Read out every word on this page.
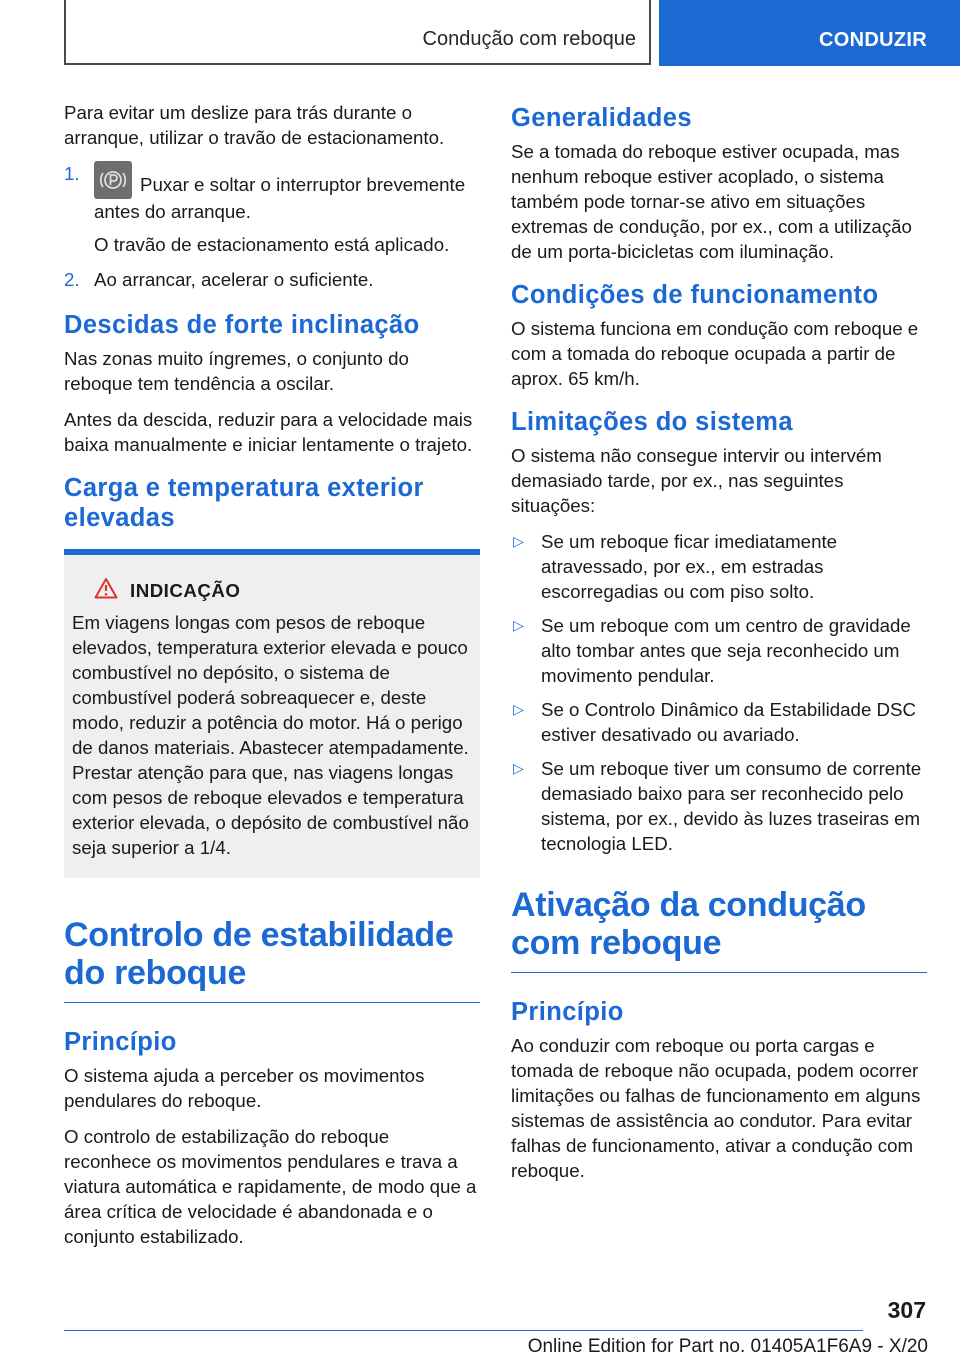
Condução com reboque	CONDUZIR

Para evitar um deslize para trás durante o arranque, utilizar o travão de estacionamento.

1.
Puxar e soltar o interruptor brevemente antes do arranque.
O travão de estacionamento está aplicado.
2. Ao arrancar, acelerar o suficiente.
Descidas de forte inclinação

Nas zonas muito íngremes, o conjunto do reboque tem tendência a oscilar.

Antes da descida, reduzir para a velocidade mais baixa manualmente e iniciar lentamente o trajeto.

Carga e temperatura exterior elevadas
INDICAÇÃO

Em viagens longas com pesos de reboque elevados, temperatura exterior elevada e pouco combustível no depósito, o sistema de combustível poderá sobreaquecer e, deste modo, reduzir a potência do motor. Há o perigo de danos materiais. Abastecer atempadamente. Prestar atenção para que, nas viagens longas com pesos de reboque elevados e temperatura exterior elevada, o depósito de combustível não seja superior a 1/4.

Controlo de estabilidade do reboque
Princípio

O sistema ajuda a perceber os movimentos pendulares do reboque.

O controlo de estabilização do reboque reconhece os movimentos pendulares e trava a viatura automática e rapidamente, de modo que a área crítica de velocidade é abandonada e o conjunto estabilizado.

Generalidades

Se a tomada do reboque estiver ocupada, mas nenhum reboque estiver acoplado, o sistema também pode tornar-se ativo em situações extremas de condução, por ex., com a utilização de um porta-bicicletas com iluminação.

Condições de funcionamento

O sistema funciona em condução com reboque e com a tomada do reboque ocupada a partir de aprox. 65 km/h.

Limitações do sistema

O sistema não consegue intervir ou intervém demasiado tarde, por ex., nas seguintes situações:

▷ Se um reboque ficar imediatamente atravessado, por ex., em estradas escorregadias ou com piso solto.
▷ Se um reboque com um centro de gravidade alto tombar antes que seja reconhecido um movimento pendular.
▷ Se o Controlo Dinâmico da Estabilidade DSC estiver desativado ou avariado.
▷ Se um reboque tiver um consumo de corrente demasiado baixo para ser reconhecido pelo sistema, por ex., devido às luzes traseiras em tecnologia LED.
Ativação da condução com reboque
Princípio

Ao conduzir com reboque ou porta cargas e tomada de reboque não ocupada, podem ocorrer limitações ou falhas de funcionamento em alguns sistemas de assistência ao condutor. Para evitar falhas de funcionamento, ativar a condução com reboque.

307
Online Edition for Part no. 01405A1F6A9 - X/20
